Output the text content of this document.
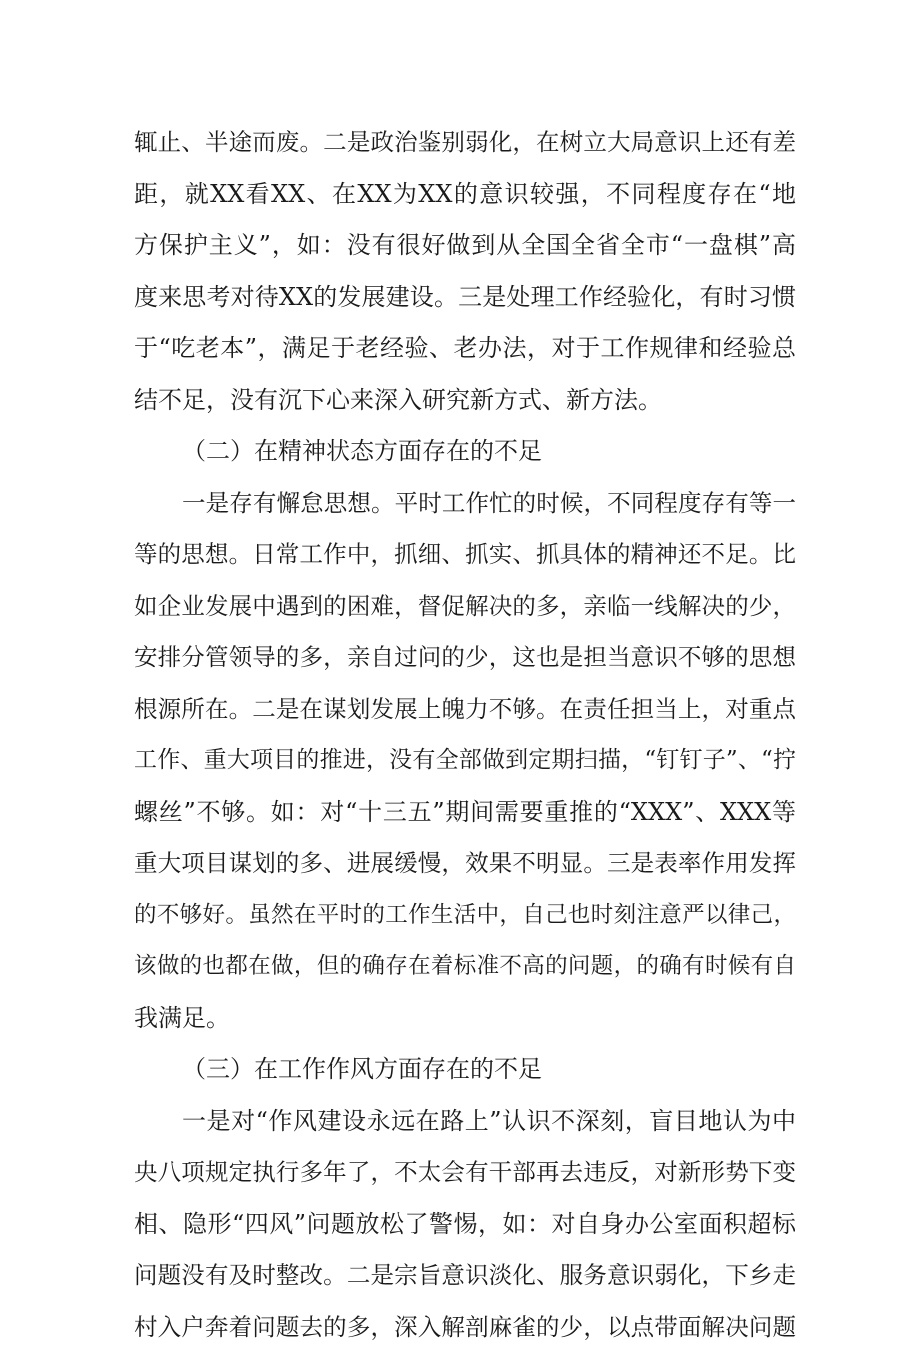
辄止、半途而废。二是政治鉴别弱化，在树立大局意识上还有差
距，就XX看XX、在XX为XX的意识较强，不同程度存在“地
方保护主义”，如：没有很好做到从全国全省全市“一盘棋”高
度来思考对待XX的发展建设。三是处理工作经验化，有时习惯
于“吃老本”，满足于老经验、老办法，对于工作规律和经验总
结不足，没有沉下心来深入研究新方式、新方法。
（二）在精神状态方面存在的不足
一是存有懈怠思想。平时工作忙的时候，不同程度存有等一
等的思想。日常工作中，抓细、抓实、抓具体的精神还不足。比
如企业发展中遇到的困难，督促解决的多，亲临一线解决的少，
安排分管领导的多，亲自过问的少，这也是担当意识不够的思想
根源所在。二是在谋划发展上魄力不够。在责任担当上，对重点
工作、重大项目的推进，没有全部做到定期扫描，“钉钉子”、“拧
螺丝”不够。如：对“十三五”期间需要重推的“XXX”、XXX等
重大项目谋划的多、进展缓慢，效果不明显。三是表率作用发挥
的不够好。虽然在平时的工作生活中，自己也时刻注意严以律己，
该做的也都在做，但的确存在着标准不高的问题，的确有时候有自
我满足。
（三）在工作作风方面存在的不足
一是对“作风建设永远在路上”认识不深刻，盲目地认为中
央八项规定执行多年了，不太会有干部再去违反，对新形势下变
相、隐形“四风”问题放松了警惕，如：对自身办公室面积超标
问题没有及时整改。二是宗旨意识淡化、服务意识弱化，下乡走
村入户奔着问题去的多，深入解剖麻雀的少，以点带面解决问题
